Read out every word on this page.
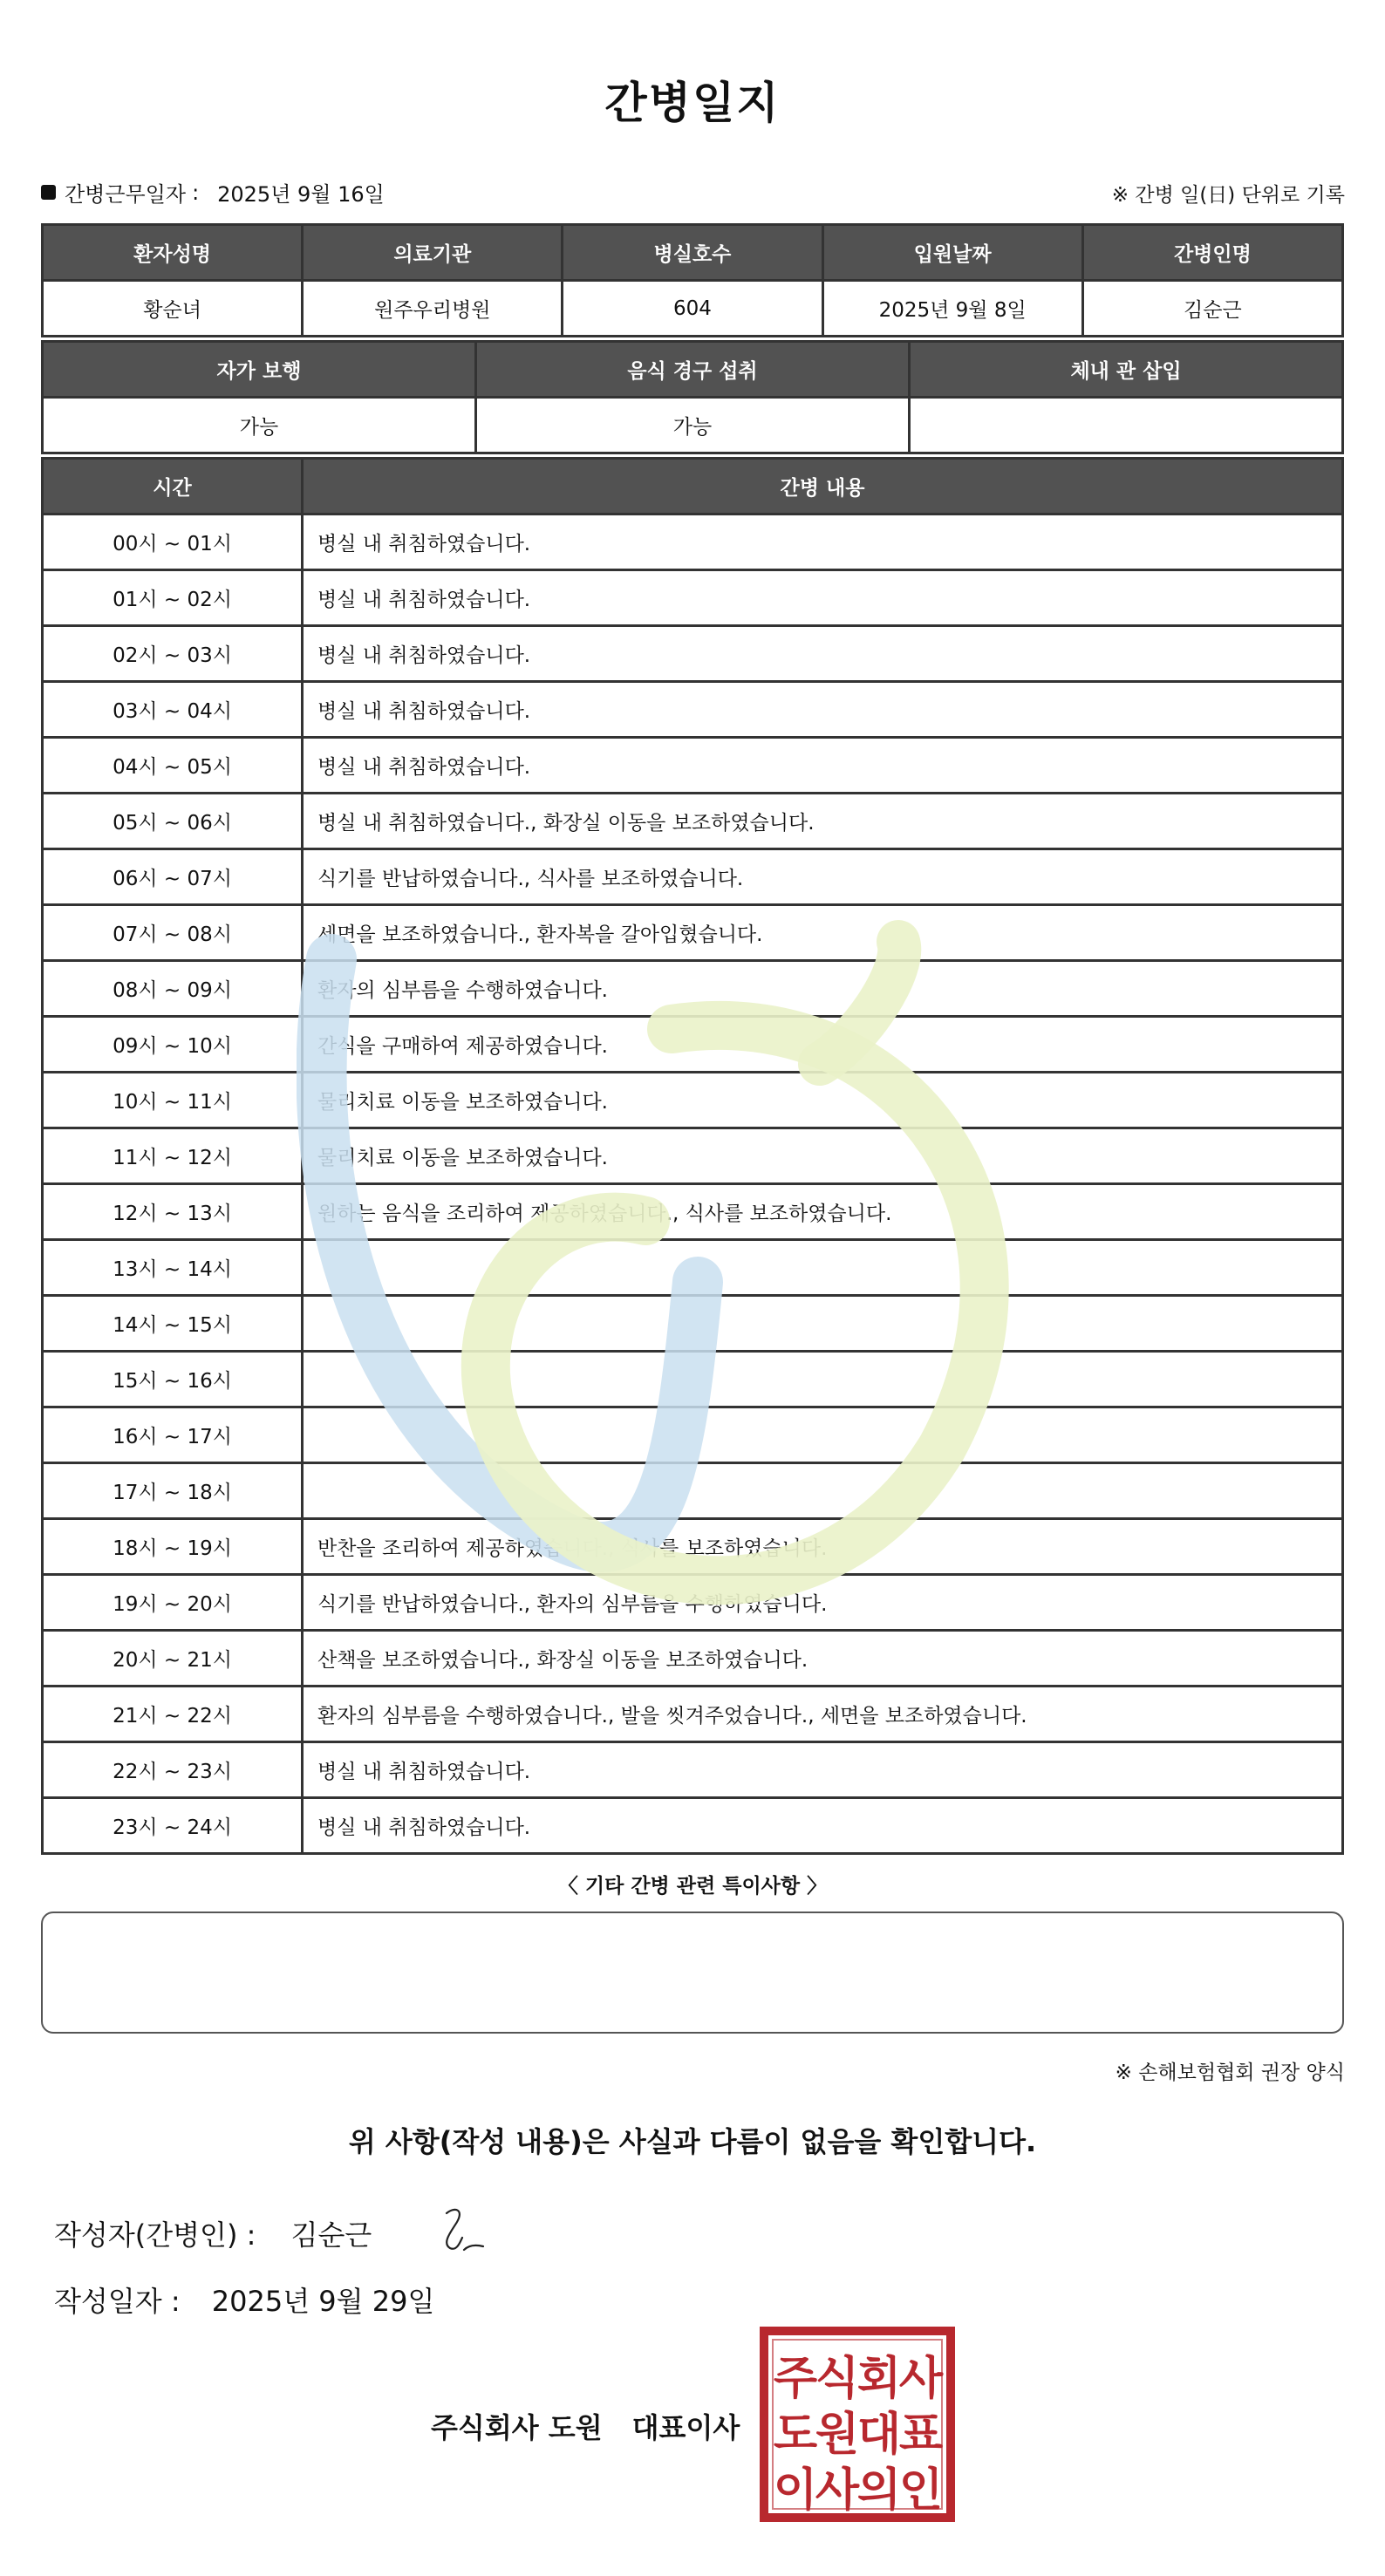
간병일지
간병근무일자 : 2025년 9월 16일	※ 간병 일(日) 단위로 기록
환자성명	의료기관	병실호수	입원날짜	간병인명
황순녀	원주우리병원	604	2025년 9월 8일	김순근
자가 보행	음식 경구 섭취	체내 관 삽입
가능	가능	
시간	간병 내용
00시 ~ 01시	병실 내 취침하였습니다.
01시 ~ 02시	병실 내 취침하였습니다.
02시 ~ 03시	병실 내 취침하였습니다.
03시 ~ 04시	병실 내 취침하였습니다.
04시 ~ 05시	병실 내 취침하였습니다.
05시 ~ 06시	병실 내 취침하였습니다., 화장실 이동을 보조하였습니다.
06시 ~ 07시	식기를 반납하였습니다., 식사를 보조하였습니다.
07시 ~ 08시	세면을 보조하였습니다., 환자복을 갈아입혔습니다.
08시 ~ 09시	환자의 심부름을 수행하였습니다.
09시 ~ 10시	간식을 구매하여 제공하였습니다.
10시 ~ 11시	물리치료 이동을 보조하였습니다.
11시 ~ 12시	물리치료 이동을 보조하였습니다.
12시 ~ 13시	원하는 음식을 조리하여 제공하였습니다., 식사를 보조하였습니다.
13시 ~ 14시	
14시 ~ 15시	
15시 ~ 16시	
16시 ~ 17시	
17시 ~ 18시	
18시 ~ 19시	반찬을 조리하여 제공하였습니다., 식사를 보조하였습니다.
19시 ~ 20시	식기를 반납하였습니다., 환자의 심부름을 수행하였습니다.
20시 ~ 21시	산책을 보조하였습니다., 화장실 이동을 보조하였습니다.
21시 ~ 22시	환자의 심부름을 수행하였습니다., 발을 씻겨주었습니다., 세면을 보조하였습니다.
22시 ~ 23시	병실 내 취침하였습니다.
23시 ~ 24시	병실 내 취침하였습니다.
〈 기타 간병 관련 특이사항 〉
※ 손해보험협회 권장 양식
위 사항(작성 내용)은 사실과 다름이 없음을 확인합니다.
작성자(간병인) : 김순근
작성일자 : 2025년 9월 29일
주식회사 도원 대표이사
주
식
회
사
도
원
대
표
이
사
의
인
